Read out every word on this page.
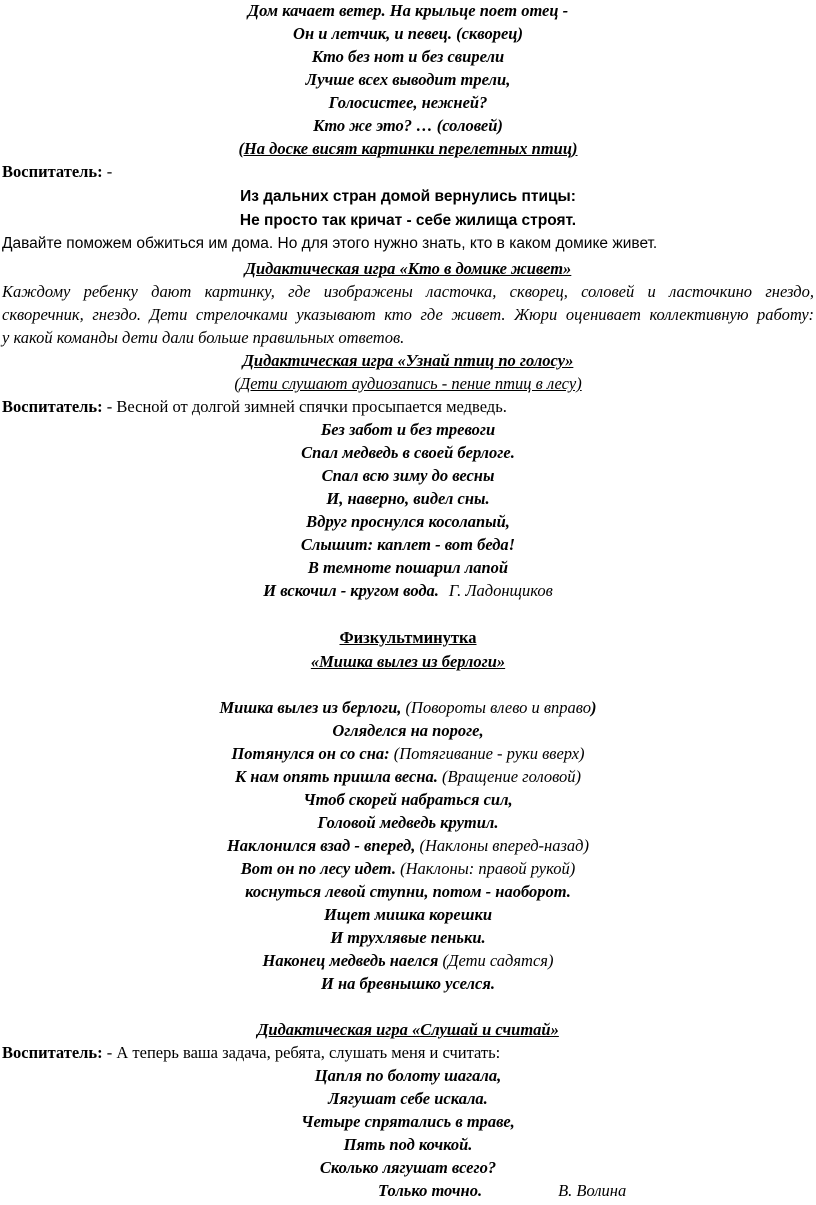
Дом качает ветер. На крыльце поет отец -
Он и летчик, и певец. (скворец)
Кто без нот и без свирели
Лучше всех выводит трели,
Голосистее, нежней?
Кто же это? … (соловей)
(На доске висят картинки перелетных птиц)
Воспитатель: -
Из дальних стран домой вернулись птицы:
Не просто так кричат - себе жилища строят.
Давайте поможем обжиться им дома. Но для этого нужно знать, кто в каком домике живет.
Дидактическая игра «Кто в домике живет»
Каждому ребенку дают картинку, где изображены ласточка, скворец, соловей и ласточкино гнездо,
скворечник, гнездо. Дети стрелочками указывают кто где живет. Жюри оценивает коллективную работу:
у какой команды дети дали больше правильных ответов.
Дидактическая игра «Узнай птиц по голосу»
(Дети слушают аудиозапись - пение птиц в лесу)
Воспитатель: - Весной от долгой зимней спячки просыпается медведь.
Без забот и без тревоги
Спал медведь в своей берлоге.
Спал всю зиму до весны
И, наверно, видел сны.
Вдруг проснулся косолапый,
Слышит: каплет - вот беда!
В темноте пошарил лапой
И вскочил - кругом вода. Г. Ладонщиков
Физкультминутка
«Мишка вылез из берлоги»
Мишка вылез из берлоги, (Повороты влево и вправо)
Огляделся на пороге,
Потянулся он со сна: (Потягивание - руки вверх)
К нам опять пришла весна. (Вращение головой)
Чтоб скорей набраться сил,
Головой медведь крутил.
Наклонился взад - вперед, (Наклоны вперед-назад)
Вот он по лесу идет. (Наклоны: правой рукой)
коснуться левой ступни, потом - наоборот.
Ищет мишка корешки
И трухлявые пеньки.
Наконец медведь наелся (Дети садятся)
И на бревнышко уселся.
Дидактическая игра «Слушай и считай»
Воспитатель: - А теперь ваша задача, ребята, слушать меня и считать:
Цапля по болоту шагала,
Лягушат себе искала.
Четыре спрятались в траве,
Пять под кочкой.
Сколько лягушат всего?
Только точно.	В. Волина
